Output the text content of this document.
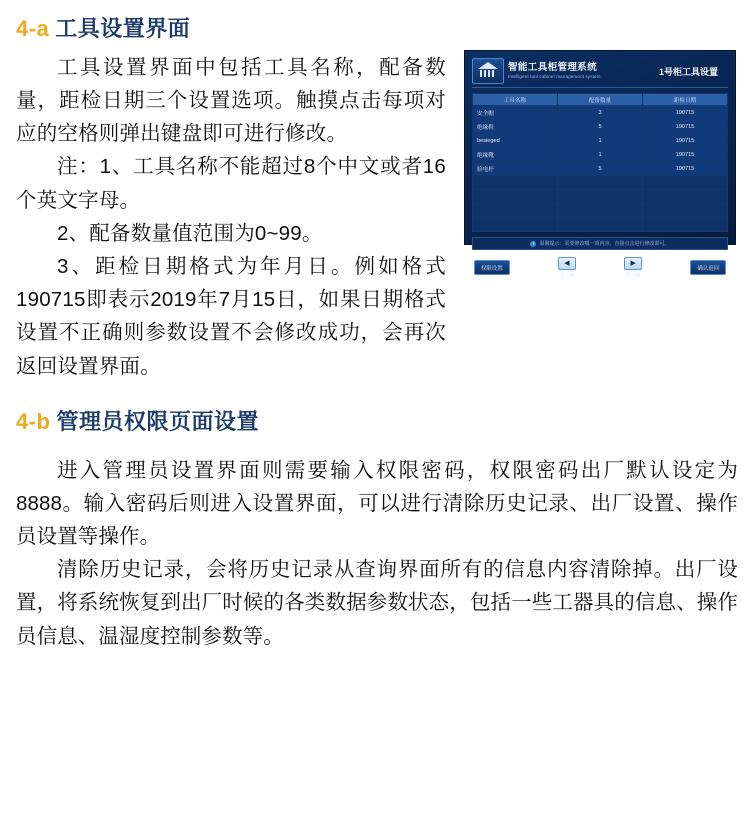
4-a 工具设置界面

工具设置界面中包括工具名称，配备数量，距检日期三个设置选项。触摸点击每项对应的空格则弹出键盘即可进行修改。

注：1、工具名称不能超过8个中文或者16个英文字母。

2、配备数量值范围为0~99。

3、距检日期格式为年月日。例如格式190715即表示2019年7月15日，如果日期格式设置不正确则参数设置不会修改成功，会再次返回设置界面。

智能工具柜管理系统
Intelligent tool cabinet management system
1号柜工具设置
工具名称	配备数量	距检日期
安全帽	3	190715
绝缘鞋	5	190715
besieged	1	190715
绝缘靴	1	190715
验电杆	5	190715

!	温馨提示：需要修改哪一项内容，直接点击进行修改即可。
权限设置
◀
上一页
▶
下一页
确认返回
4-b 管理员权限页面设置

进入管理员设置界面则需要输入权限密码，权限密码出厂默认设定为8888。输入密码后则进入设置界面，可以进行清除历史记录、出厂设置、操作员设置等操作。

清除历史记录，会将历史记录从查询界面所有的信息内容清除掉。出厂设置，将系统恢复到出厂时候的各类数据参数状态，包括一些工器具的信息、操作员信息、温湿度控制参数等。
